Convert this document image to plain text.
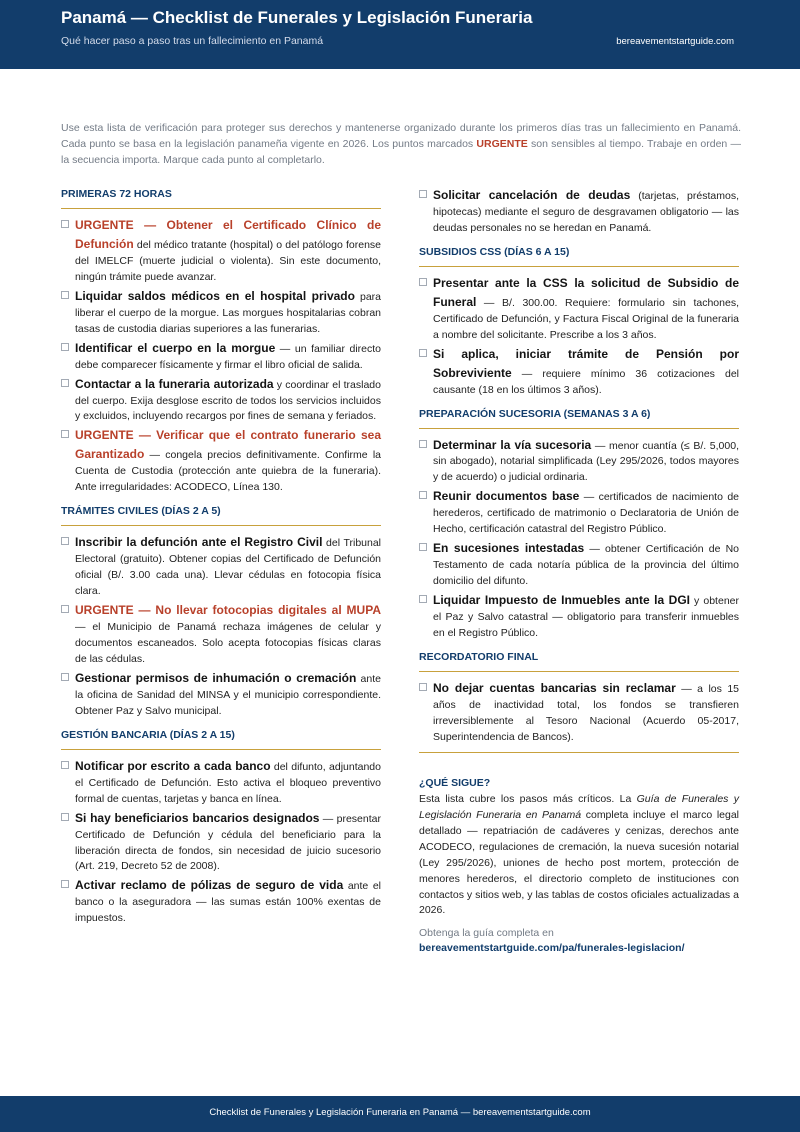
Panamá — Checklist de Funerales y Legislación Funeraria
Qué hacer paso a paso tras un fallecimiento en Panamá	bereavementstartguide.com
Use esta lista de verificación para proteger sus derechos y mantenerse organizado durante los primeros días tras un fallecimiento en Panamá. Cada punto se basa en la legislación panameña vigente en 2026. Los puntos marcados URGENTE son sensibles al tiempo. Trabaje en orden — la secuencia importa. Marque cada punto al completarlo.
PRIMERAS 72 HORAS
URGENTE — Obtener el Certificado Clínico de Defunción del médico tratante (hospital) o del patólogo forense del IMELCF (muerte judicial o violenta). Sin este documento, ningún trámite puede avanzar.
Liquidar saldos médicos en el hospital privado para liberar el cuerpo de la morgue. Las morgues hospitalarias cobran tasas de custodia diarias superiores a las funerarias.
Identificar el cuerpo en la morgue — un familiar directo debe comparecer físicamente y firmar el libro oficial de salida.
Contactar a la funeraria autorizada y coordinar el traslado del cuerpo. Exija desglose escrito de todos los servicios incluidos y excluidos, incluyendo recargos por fines de semana y feriados.
URGENTE — Verificar que el contrato funerario sea Garantizado — congela precios definitivamente. Confirme la Cuenta de Custodia (protección ante quiebra de la funeraria). Ante irregularidades: ACODECO, Línea 130.
TRÁMITES CIVILES (DÍAS 2 A 5)
Inscribir la defunción ante el Registro Civil del Tribunal Electoral (gratuito). Obtener copias del Certificado de Defunción oficial (B/. 3.00 cada una). Llevar cédulas en fotocopia física clara.
URGENTE — No llevar fotocopias digitales al MUPA — el Municipio de Panamá rechaza imágenes de celular y documentos escaneados. Solo acepta fotocopias físicas claras de las cédulas.
Gestionar permisos de inhumación o cremación ante la oficina de Sanidad del MINSA y el municipio correspondiente. Obtener Paz y Salvo municipal.
GESTIÓN BANCARIA (DÍAS 2 A 15)
Notificar por escrito a cada banco del difunto, adjuntando el Certificado de Defunción. Esto activa el bloqueo preventivo formal de cuentas, tarjetas y banca en línea.
Si hay beneficiarios bancarios designados — presentar Certificado de Defunción y cédula del beneficiario para la liberación directa de fondos, sin necesidad de juicio sucesorio (Art. 219, Decreto 52 de 2008).
Activar reclamo de pólizas de seguro de vida ante el banco o la aseguradora — las sumas están 100% exentas de impuestos.
Solicitar cancelación de deudas (tarjetas, préstamos, hipotecas) mediante el seguro de desgravamen obligatorio — las deudas personales no se heredan en Panamá.
SUBSIDIOS CSS (DÍAS 6 A 15)
Presentar ante la CSS la solicitud de Subsidio de Funeral — B/. 300.00. Requiere: formulario sin tachones, Certificado de Defunción, y Factura Fiscal Original de la funeraria a nombre del solicitante. Prescribe a los 3 años.
Si aplica, iniciar trámite de Pensión por Sobreviviente — requiere mínimo 36 cotizaciones del causante (18 en los últimos 3 años).
PREPARACIÓN SUCESORIA (SEMANAS 3 A 6)
Determinar la vía sucesoria — menor cuantía (≤ B/. 5,000, sin abogado), notarial simplificada (Ley 295/2026, todos mayores y de acuerdo) o judicial ordinaria.
Reunir documentos base — certificados de nacimiento de herederos, certificado de matrimonio o Declaratoria de Unión de Hecho, certificación catastral del Registro Público.
En sucesiones intestadas — obtener Certificación de No Testamento de cada notaría pública de la provincia del último domicilio del difunto.
Liquidar Impuesto de Inmuebles ante la DGI y obtener el Paz y Salvo catastral — obligatorio para transferir inmuebles en el Registro Público.
RECORDATORIO FINAL
No dejar cuentas bancarias sin reclamar — a los 15 años de inactividad total, los fondos se transfieren irreversiblemente al Tesoro Nacional (Acuerdo 05-2017, Superintendencia de Bancos).
¿QUÉ SIGUE?
Esta lista cubre los pasos más críticos. La Guía de Funerales y Legislación Funeraria en Panamá completa incluye el marco legal detallado — repatriación de cadáveres y cenizas, derechos ante ACODECO, regulaciones de cremación, la nueva sucesión notarial (Ley 295/2026), uniones de hecho post mortem, protección de menores herederos, el directorio completo de instituciones con contactos y sitios web, y las tablas de costos oficiales actualizadas a 2026.
Obtenga la guía completa en
bereavementstartguide.com/pa/funerales-legislacion/
Checklist de Funerales y Legislación Funeraria en Panamá — bereavementstartguide.com
